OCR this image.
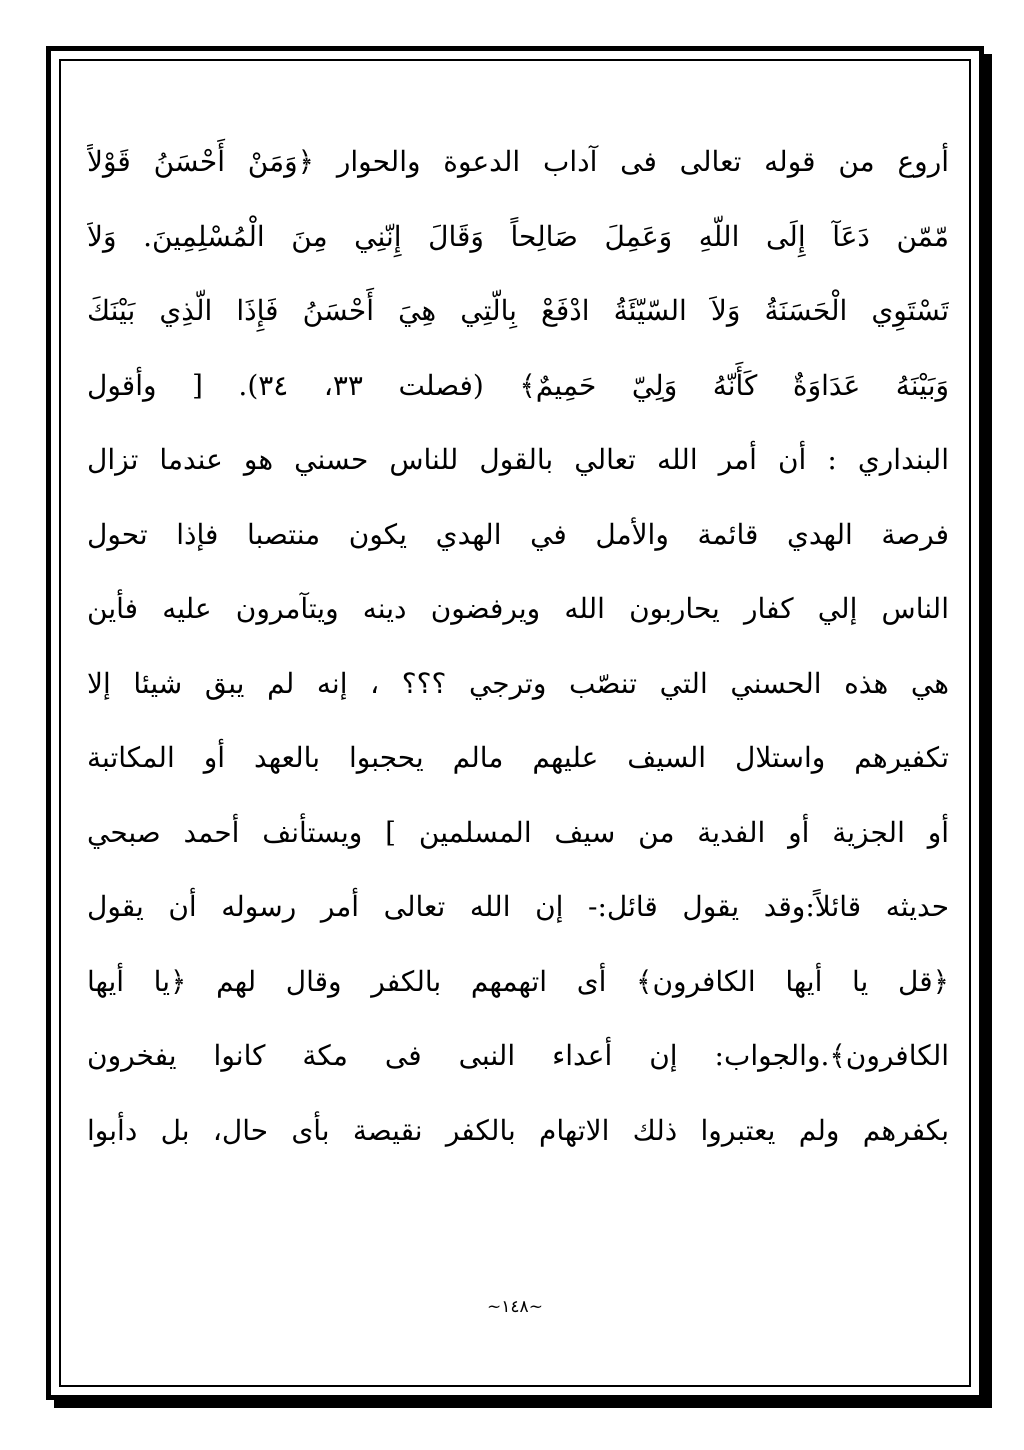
أروع من قوله تعالى فى آداب الدعوة والحوار ﴿وَمَنْ أَحْسَنُ قَوْلاً
مّمّن دَعَآ إِلَى اللّهِ وَعَمِلَ صَالِحاً وَقَالَ إِنّنِي مِنَ الْمُسْلِمِينَ. وَلاَ
تَسْتَوِي الْحَسَنَةُ وَلاَ السّيّئَةُ ادْفَعْ بِالّتِي هِيَ أَحْسَنُ فَإِذَا الّذِي بَيْنَكَ
وَبَيْنَهُ عَدَاوَةٌ كَأَنّهُ وَلِيّ حَمِيمٌ﴾ (فصلت ٣٣، ٣٤). [ وأقول
البنداري : أن أمر الله تعالي بالقول للناس حسني هو عندما تزال
فرصة الهدي قائمة والأمل في الهدي يكون منتصبا فإذا تحول
الناس إلي كفار يحاربون الله ويرفضون دينه ويتآمرون عليه فأين
هي هذه الحسني التي تنصّب وترجي ؟؟؟ ، إنه لم يبق شيئا إلا
تكفيرهم واستلال السيف عليهم مالم يحجبوا بالعهد أو المكاتبة
أو الجزية أو الفدية من سيف المسلمين ] ويستأنف أحمد صبحي
حديثه قائلاً:وقد يقول قائل:- إن الله تعالى أمر رسوله أن يقول
﴿قل يا أيها الكافرون﴾ أى اتهمهم بالكفر وقال لهم ﴿يا أيها
الكافرون﴾.والجواب: إن أعداء النبى فى مكة كانوا يفخرون
بكفرهم ولم يعتبروا ذلك الاتهام بالكفر نقيصة بأى حال، بل دأبوا
~١٤٨~
